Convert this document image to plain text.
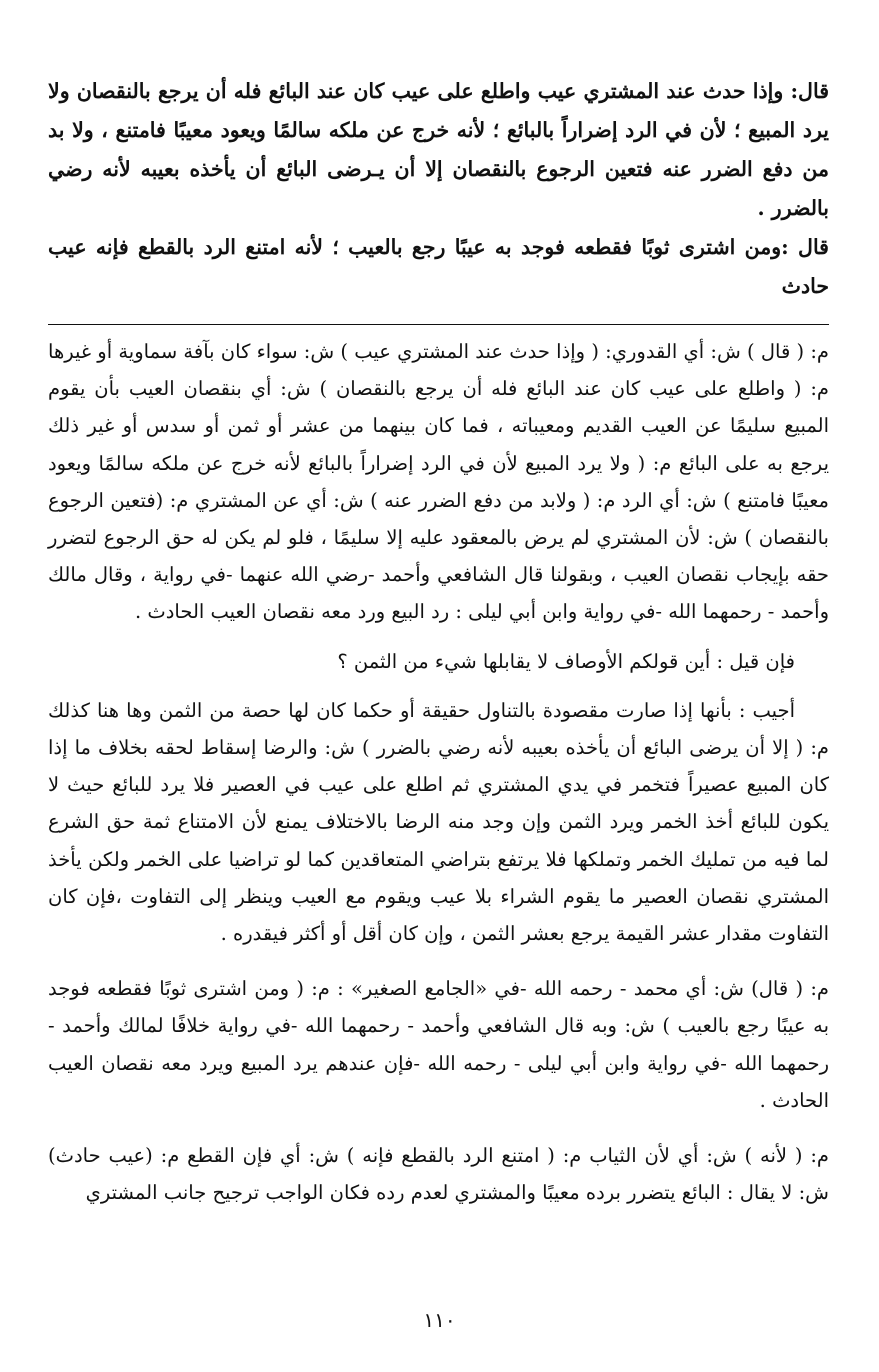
قال: وإذا حدث عند المشتري عيب واطلع على عيب كان عند البائع فله أن يرجع بالنقصان ولا يرد المبيع ؛ لأن في الرد إضراراً بالبائع ؛ لأنه خرج عن ملكه سالمًا ويعود معيبًا فامتنع ، ولا بد من دفع الضرر عنه فتعين الرجوع بالنقصان إلا أن يـرضى البائع أن يأخذه بعيبه لأنه رضي بالضرر .

قال :ومن اشترى ثوبًا فقطعه فوجد به عيبًا رجع بالعيب ؛ لأنه امتنع الرد بالقطع فإنه عيب حادث

م: ( قال ) ش: أي القدوري: ( وإذا حدث عند المشتري عيب ) ش: سواء كان بآفة سماوية أو غيرها م: ( واطلع على عيب كان عند البائع فله أن يرجع بالنقصان ) ش: أي بنقصان العيب بأن يقوم المبيع سليمًا عن العيب القديم ومعيباته ، فما كان بينهما من عشر أو ثمن أو سدس أو غير ذلك يرجع به على البائع م: ( ولا يرد المبيع لأن في الرد إضراراً بالبائع لأنه خرج عن ملكه سالمًا ويعود معيبًا فامتنع ) ش: أي الرد م: ( ولابد من دفع الضرر عنه ) ش: أي عن المشتري م: (فتعين الرجوع بالنقصان ) ش: لأن المشتري لم يرض بالمعقود عليه إلا سليمًا ، فلو لم يكن له حق الرجوع لتضرر حقه بإيجاب نقصان العيب ، وبقولنا قال الشافعي وأحمد -رضي الله عنهما -في رواية ، وقال مالك وأحمد - رحمهما الله -في رواية وابن أبي ليلى : رد البيع ورد معه نقصان العيب الحادث .

فإن قيل : أين قولكم الأوصاف لا يقابلها شيء من الثمن ؟

أجيب : بأنها إذا صارت مقصودة بالتناول حقيقة أو حكما كان لها حصة من الثمن وها هنا كذلك م: ( إلا أن يرضى البائع أن يأخذه بعيبه لأنه رضي بالضرر ) ش: والرضا إسقاط لحقه بخلاف ما إذا كان المبيع عصيراً فتخمر في يدي المشتري ثم اطلع على عيب في العصير فلا يرد للبائع حيث لا يكون للبائع أخذ الخمر ويرد الثمن وإن وجد منه الرضا بالاختلاف يمنع لأن الامتناع ثمة حق الشرع لما فيه من تمليك الخمر وتملكها فلا يرتفع بتراضي المتعاقدين كما لو تراضيا على الخمر ولكن يأخذ المشتري نقصان العصير ما يقوم الشراء بلا عيب ويقوم مع العيب وينظر إلى التفاوت ،فإن كان التفاوت مقدار عشر القيمة يرجع بعشر الثمن ، وإن كان أقل أو أكثر فيقدره .

م: ( قال) ش: أي محمد - رحمه الله -في «الجامع الصغير» : م: ( ومن اشترى ثوبًا فقطعه فوجد به عيبًا رجع بالعيب ) ش: وبه قال الشافعي وأحمد - رحمهما الله -في رواية خلافًا لمالك وأحمد - رحمهما الله -في رواية وابن أبي ليلى - رحمه الله -فإن عندهم يرد المبيع ويرد معه نقصان العيب الحادث .

م: ( لأنه ) ش: أي لأن الثياب م: ( امتنع الرد بالقطع فإنه ) ش: أي فإن القطع م: (عيب حادث) ش: لا يقال : البائع يتضرر برده معيبًا والمشتري لعدم رده فكان الواجب ترجيح جانب المشتري

١١٠
